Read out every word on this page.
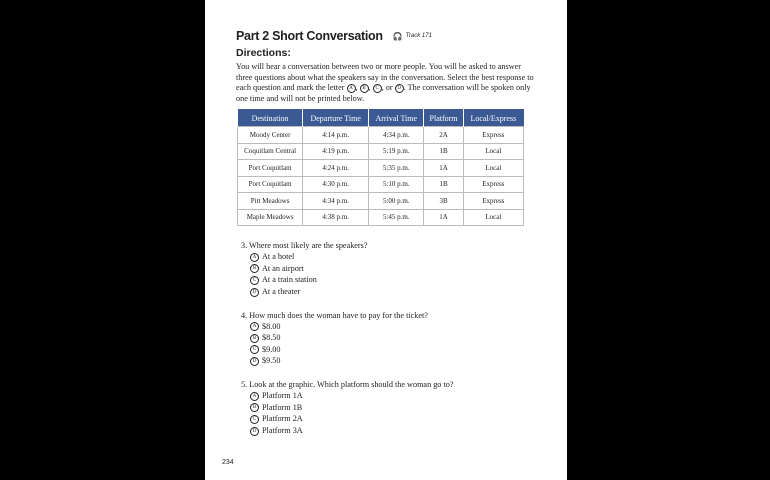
Part 2 Short Conversation 🎧 Track 171
Directions:
You will hear a conversation between two or more people. You will be asked to answer three questions about what the speakers say in the conversation. Select the best response to each question and mark the letter A , B , C , or D . The conversation will be spoken only one time and will not be printed below.
Destination	Departure Time	Arrival Time	Platform	Local/Express
Moody Center	4:14 p.m.	4:34 p.m.	2A	Express
Coquitlam Central	4:19 p.m.	5:19 p.m.	1B	Local
Port Coquitlam	4:24 p.m.	5:35 p.m.	1A	Local
Port Coquitlam	4:30 p.m.	5:10 p.m.	1B	Express
Pitt Meadows	4:34 p.m.	5:00 p.m.	3B	Express
Maple Meadows	4:38 p.m.	5:45 p.m.	1A	Local
3. Where most likely are the speakers?
A At a hotel
B At an airport
C At a train station
D At a theater
4. How much does the woman have to pay for the ticket?
A $8.00
B $8.50
C $9.00
D $9.50
5. Look at the graphic. Which platform should the woman go to?
A Platform 1A
B Platform 1B
C Platform 2A
D Platform 3A
234
